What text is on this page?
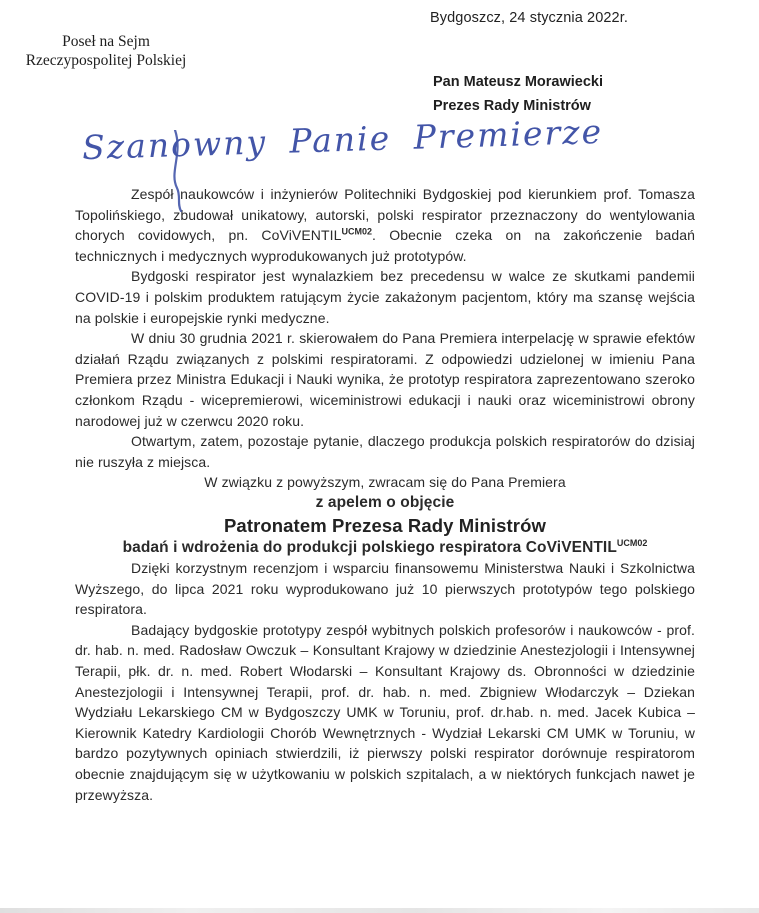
Bydgoszcz, 24 stycznia 2022r.
Poseł na Sejm
Rzeczypospolitej Polskiej
Pan Mateusz Morawiecki
Prezes Rady Ministrów
Szanowny Panie Premierze

Zespół naukowców i inżynierów Politechniki Bydgoskiej pod kierunkiem prof. Tomasza Topolińskiego, zbudował unikatowy, autorski, polski respirator przeznaczony do wentylowania chorych covidowych, pn. CoViVENTIL$^{UCM02}$. Obecnie czeka on na zakończenie badań technicznych i medycznych wyprodukowanych już prototypów.

Bydgoski respirator jest wynalazkiem bez precedensu w walce ze skutkami pandemii COVID-19 i polskim produktem ratującym życie zakażonym pacjentom, który ma szansę wejścia na polskie i europejskie rynki medyczne.

W dniu 30 grudnia 2021 r. skierowałem do Pana Premiera interpelację w sprawie efektów działań Rządu związanych z polskimi respiratorami. Z odpowiedzi udzielonej w imieniu Pana Premiera przez Ministra Edukacji i Nauki wynika, że prototyp respiratora zaprezentowano szeroko członkom Rządu - wicepremierowi, wiceministrowi edukacji i nauki oraz wiceministrowi obrony narodowej już w czerwcu 2020 roku.

Otwartym, zatem, pozostaje pytanie, dlaczego produkcja polskich respiratorów do dzisiaj nie ruszyła z miejsca.

W związku z powyższym, zwracam się do Pana Premiera

z apelem o objęcie

Patronatem Prezesa Rady Ministrów

badań i wdrożenia do produkcji polskiego respiratora CoViVENTIL$^{UCM02}$

Dzięki korzystnym recenzjom i wsparciu finansowemu Ministerstwa Nauki i Szkolnictwa Wyższego, do lipca 2021 roku wyprodukowano już 10 pierwszych prototypów tego polskiego respiratora.

Badający bydgoskie prototypy zespół wybitnych polskich profesorów i naukowców - prof. dr. hab. n. med. Radosław Owczuk – Konsultant Krajowy w dziedzinie Anestezjologii i Intensywnej Terapii, płk. dr. n. med. Robert Włodarski – Konsultant Krajowy ds. Obronności w dziedzinie Anestezjologii i Intensywnej Terapii, prof. dr. hab. n. med. Zbigniew Włodarczyk – Dziekan Wydziału Lekarskiego CM w Bydgoszczy UMK w Toruniu, prof. dr.hab. n. med. Jacek Kubica – Kierownik Katedry Kardiologii Chorób Wewnętrznych - Wydział Lekarski CM UMK w Toruniu, w bardzo pozytywnych opiniach stwierdzili, iż pierwszy polski respirator dorównuje respiratorom obecnie znajdującym się w użytkowaniu w polskich szpitalach, a w niektórych funkcjach nawet je przewyższa.
